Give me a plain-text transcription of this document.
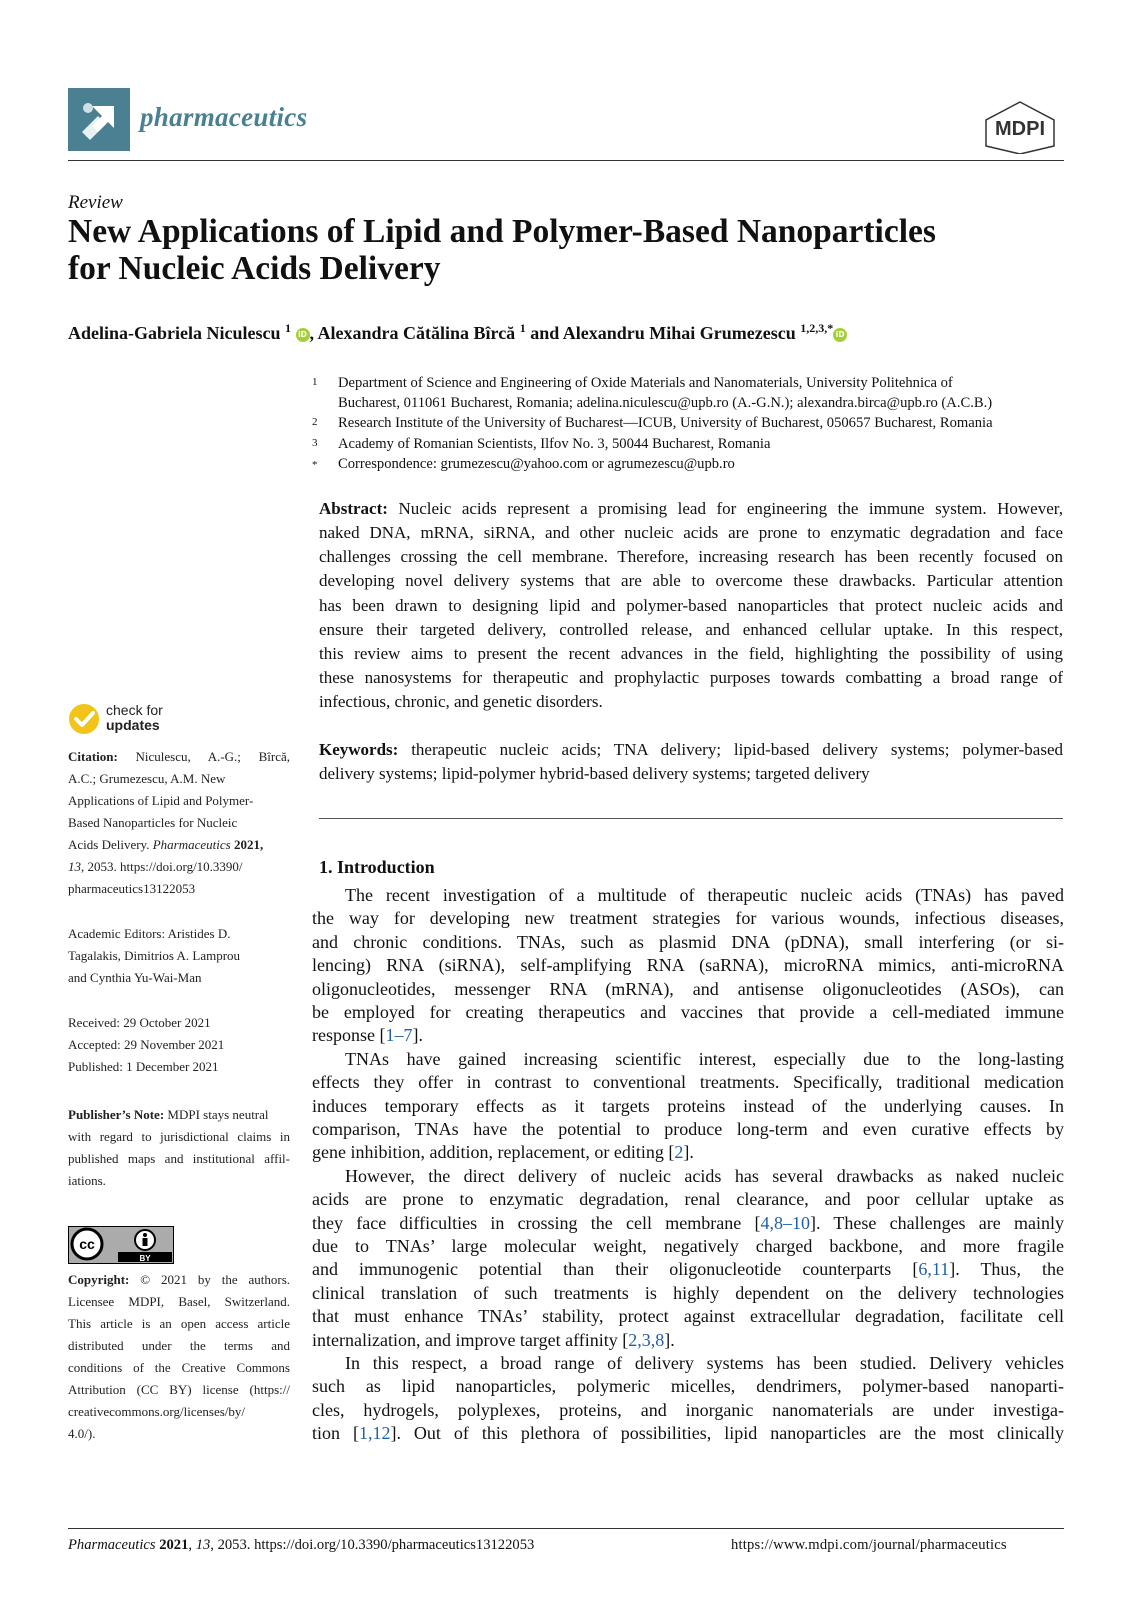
pharmaceutics	MDPI
Review
New Applications of Lipid and Polymer-Based Nanoparticles
for Nucleic Acids Delivery
Adelina-Gabriela Niculescu $^1$ iD , Alexandra Cătălina Bîrcă $^1$ and Alexandru Mihai Grumezescu $^{1,2,3,*}$ iD
1 Department of Science and Engineering of Oxide Materials and Nanomaterials, University Politehnica of
Bucharest, 011061 Bucharest, Romania; adelina.niculescu@upb.ro (A.-G.N.); alexandra.birca@upb.ro (A.C.B.)
2 Research Institute of the University of Bucharest—ICUB, University of Bucharest, 050657 Bucharest, Romania
3 Academy of Romanian Scientists, Ilfov No. 3, 50044 Bucharest, Romania
* Correspondence: grumezescu@yahoo.com or agrumezescu@upb.ro
Abstract: Nucleic acids represent a promising lead for engineering the immune system. However,
naked DNA, mRNA, siRNA, and other nucleic acids are prone to enzymatic degradation and face
challenges crossing the cell membrane. Therefore, increasing research has been recently focused on
developing novel delivery systems that are able to overcome these drawbacks. Particular attention
has been drawn to designing lipid and polymer-based nanoparticles that protect nucleic acids and
ensure their targeted delivery, controlled release, and enhanced cellular uptake. In this respect,
this review aims to present the recent advances in the field, highlighting the possibility of using
these nanosystems for therapeutic and prophylactic purposes towards combatting a broad range of
infectious, chronic, and genetic disorders.
Keywords: therapeutic nucleic acids; TNA delivery; lipid-based delivery systems; polymer-based
delivery systems; lipid-polymer hybrid-based delivery systems; targeted delivery
1. Introduction
The recent investigation of a multitude of therapeutic nucleic acids (TNAs) has paved
the way for developing new treatment strategies for various wounds, infectious diseases,
and chronic conditions. TNAs, such as plasmid DNA (pDNA), small interfering (or si-
lencing) RNA (siRNA), self-amplifying RNA (saRNA), microRNA mimics, anti-microRNA
oligonucleotides, messenger RNA (mRNA), and antisense oligonucleotides (ASOs), can
be employed for creating therapeutics and vaccines that provide a cell-mediated immune
response [1–7].
TNAs have gained increasing scientific interest, especially due to the long-lasting
effects they offer in contrast to conventional treatments. Specifically, traditional medication
induces temporary effects as it targets proteins instead of the underlying causes. In
comparison, TNAs have the potential to produce long-term and even curative effects by
gene inhibition, addition, replacement, or editing [2].
However, the direct delivery of nucleic acids has several drawbacks as naked nucleic
acids are prone to enzymatic degradation, renal clearance, and poor cellular uptake as
they face difficulties in crossing the cell membrane [4,8–10]. These challenges are mainly
due to TNAs’ large molecular weight, negatively charged backbone, and more fragile
and immunogenic potential than their oligonucleotide counterparts [6,11]. Thus, the
clinical translation of such treatments is highly dependent on the delivery technologies
that must enhance TNAs’ stability, protect against extracellular degradation, facilitate cell
internalization, and improve target affinity [2,3,8].
In this respect, a broad range of delivery systems has been studied. Delivery vehicles
such as lipid nanoparticles, polymeric micelles, dendrimers, polymer-based nanoparti-
cles, hydrogels, polyplexes, proteins, and inorganic nanomaterials are under investiga-
tion [1,12]. Out of this plethora of possibilities, lipid nanoparticles are the most clinically
check for
updates
Citation: Niculescu, A.-G.; Bîrcă,
A.C.; Grumezescu, A.M. New
Applications of Lipid and Polymer-
Based Nanoparticles for Nucleic
Acids Delivery. Pharmaceutics 2021,
13, 2053. https://doi.org/10.3390/
pharmaceutics13122053
Academic Editors: Aristides D.
Tagalakis, Dimitrios A. Lamprou
and Cynthia Yu-Wai-Man
Received: 29 October 2021
Accepted: 29 November 2021
Published: 1 December 2021
Publisher’s Note: MDPI stays neutral
with regard to jurisdictional claims in
published maps and institutional affil-
iations.
cc
BY
Copyright: © 2021 by the authors.
Licensee MDPI, Basel, Switzerland.
This article is an open access article
distributed under the terms and
conditions of the Creative Commons
Attribution (CC BY) license (https://
creativecommons.org/licenses/by/
4.0/).
Pharmaceutics 2021, 13, 2053. https://doi.org/10.3390/pharmaceutics13122053	https://www.mdpi.com/journal/pharmaceutics
